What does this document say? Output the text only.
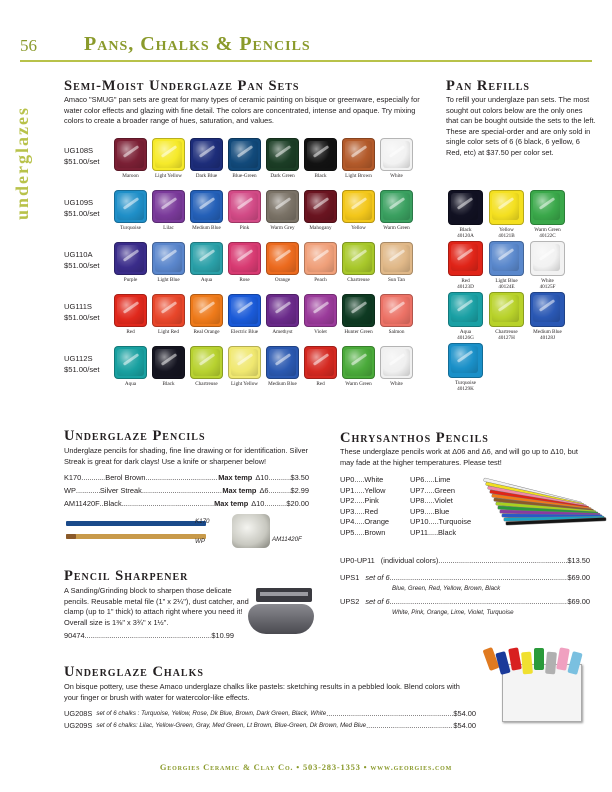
56 Pans, Chalks & Pencils
underglazes
Semi-Moist Underglaze Pan Sets
Amaco "SMUG" pan sets are great for many types of ceramic painting on bisque or greenware, especially for water color effects and glazing with fine detail. The colors are concentrated, intense and opaque. Try mixing colors to create a broader range of hues, saturation, and values.
UG108S
$51.00/set
Maroon	Light Yellow	Dark Blue	Blue-Green	Dark Green	Black	Light Brown	White
UG109S
$51.00/set
Turquoise	Lilac	Medium Blue	Pink	Warm Grey	Mahogany	Yellow	Warm Green
UG110A
$51.00/set
Purple	Light Blue	Aqua	Rose	Orange	Peach	Chartreuse	Sun Tan
UG111S
$51.00/set
Red	Light Red	Real Orange	Electric Blue	Amethyst	Violet	Hunter Green	Salmon
UG112S
$51.00/set
Aqua	Black	Chartreuse	Light Yellow	Medium Blue	Red	Warm Green	White
Pan Refills
To refill your underglaze pan sets. The most sought out colors below are the only ones that can be bought outside the sets to the left. These are special-order and are only sold in single color sets of 6 (6 black, 6 yellow, 6 Red, etc) at $37.50 per color set.
Black
40120A
Yellow
40121B
Warm Green
40122C
Red
40123D
Light Blue
40124E
White
40125F
Aqua
40126G
Chartreuse
40127H
Medium Blue
40128J
Turquoise
40129K
Underglaze Pencils
Underglaze pencils for shading, fine line drawing or for identification. Silver Streak is great for dark clays! Use a knife or sharpener below!
K170 .....	Berol Brown .....	Max temp Δ10 .....	$3.50
WP .....	Silver Streak .....	Max temp Δ6 .....	$2.99
AM11420F ..... Black .....	Max temp Δ10 .....	$20.00
K170
WP	AM11420F
Pencil Sharpener
A Sanding/Grinding block to sharpen those delicate pencils. Reusable metal file (1" x 2¼"), dust catcher, and clamp (up to 1" thick) to attach right where you need it! Overall size is 1⅜" x 3¾" x 1½".
90474 .....	$10.99
Chrysanthos Pencils
These underglaze pencils work at Δ06 and Δ6, and will go up to Δ10, but may fade at the higher temperatures. Please test!
UP0 ..... White
UP1 ..... Yellow
UP2 ..... Pink
UP3 ..... Red
UP4 ..... Orange
UP5 ..... Brown
UP6 ..... Lime
UP7 ..... Green
UP8 ..... Violet
UP9 ..... Blue
UP10 ..... Turquoise
UP11 ..... Black
UP0-UP11 (individual colors) .....	$13.50
UPS1 set of 6 .....	$69.00
Blue, Green, Red, Yellow, Brown, Black
UPS2 set of 6 .....	$69.00
White, Pink, Orange, Lime, Violet, Turquoise
Underglaze Chalks
On bisque pottery, use these Amaco underglaze chalks like pastels: sketching results in a pebbled look. Blend colors with your finger or brush with water for watercolor-like effects.
UG208S set of 6 chalks : Turquoise, Yellow, Rose, Dk Blue, Brown, Dark Green, Black, White .....	$54.00
UG209S set of 6 chalks: Lilac, Yellow-Green, Gray, Med Green, Lt Brown, Blue-Green, Dk Brown, Med Blue .....	$54.00
Georgies Ceramic & Clay Co. • 503-283-1353 • www.georgies.com
